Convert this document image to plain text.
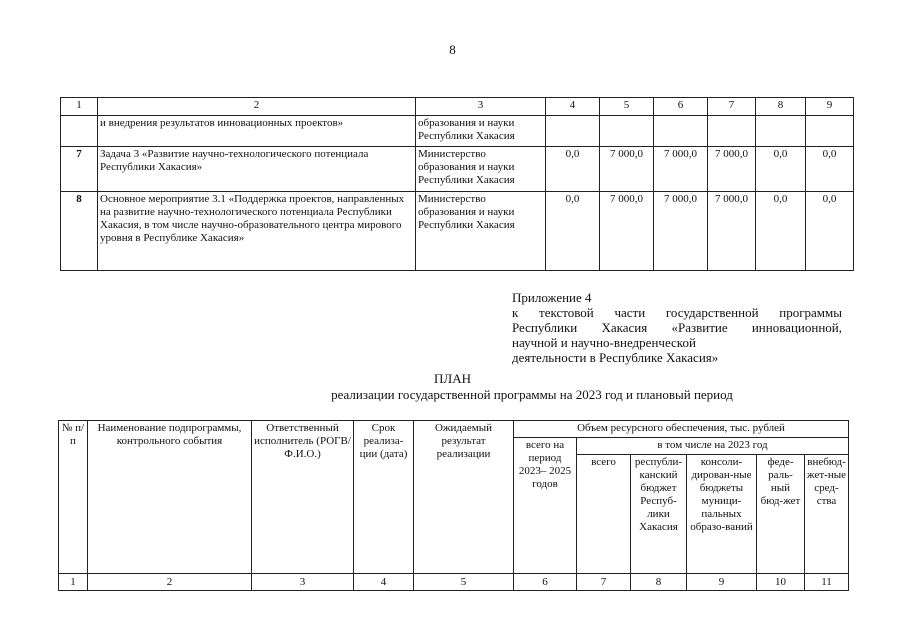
8
1	2	3	4	5	6	7	8	9
	и внедрения результатов инновационных проектов»	образования и науки Республики Хакасия						
7	Задача 3 «Развитие научно-технологического потенциала Республики Хакасия»	Министерство образования и науки Республики Хакасия	0,0	7 000,0	7 000,0	7 000,0	0,0	0,0
8	Основное мероприятие 3.1 «Поддержка проектов, направленных на развитие научно-технологического потенциала Республики Хакасия, в том числе научно-образовательного центра мирового уровня в Республике Хакасия»	Министерство образования и науки Республики Хакасия	0,0	7 000,0	7 000,0	7 000,0	0,0	0,0
Приложение 4
к текстовой части государственной программы
Республики Хакасия «Развитие инновационной,
научной и научно-внедренческой
деятельности в Республике Хакасия»
ПЛАН
реализации государственной программы на 2023 год и плановый период
№ п/п	Наименование подпрограммы, контрольного события	Ответственный исполнитель (РОГВ/Ф.И.О.)	Срок реализа-ции (дата)	Ожидаемый результат реализации	Объем ресурсного обеспечения, тыс. рублей					
					всего на период 2023– 2025 годов	в том числе на 2023 год				
						всего	республи-канский бюджет Респуб-лики Хакасия	консоли-дирован-ные бюджеты муници-пальных образо-ваний	феде-раль-ный бюд-жет	внебюд-жет-ные сред-ства
1	2	3	4	5	6	7	8	9	10	11
